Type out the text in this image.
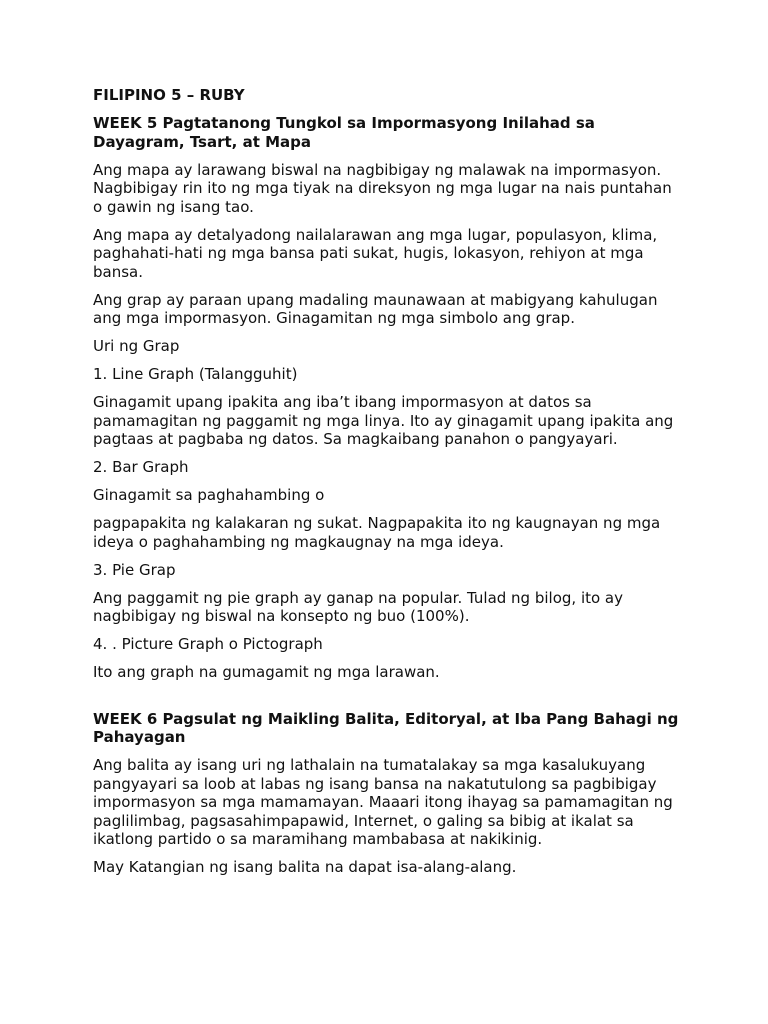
FILIPINO 5 – RUBY

WEEK 5 Pagtatanong Tungkol sa Impormasyong Inilahad sa Dayagram, Tsart, at Mapa

Ang mapa ay larawang biswal na nagbibigay ng malawak na impormasyon. Nagbibigay rin ito ng mga tiyak na direksyon ng mga lugar na nais puntahan o gawin ng isang tao.

Ang mapa ay detalyadong nailalarawan ang mga lugar, populasyon, klima, paghahati-hati ng mga bansa pati sukat, hugis, lokasyon, rehiyon at mga bansa.

Ang grap ay paraan upang madaling maunawaan at mabigyang kahulugan ang mga impormasyon. Ginagamitan ng mga simbolo ang grap.

Uri ng Grap

1. Line Graph (Talangguhit)

Ginagamit upang ipakita ang iba’t ibang impormasyon at datos sa pamamagitan ng paggamit ng mga linya. Ito ay ginagamit upang ipakita ang pagtaas at pagbaba ng datos. Sa magkaibang panahon o pangyayari.

2. Bar Graph

Ginagamit sa paghahambing o

pagpapakita ng kalakaran ng sukat. Nagpapakita ito ng kaugnayan ng mga ideya o paghahambing ng magkaugnay na mga ideya.

3. Pie Grap

Ang paggamit ng pie graph ay ganap na popular. Tulad ng bilog, ito ay nagbibigay ng biswal na konsepto ng buo (100%).

4. . Picture Graph o Pictograph

Ito ang graph na gumagamit ng mga larawan.

WEEK 6 Pagsulat ng Maikling Balita, Editoryal, at Iba Pang Bahagi ng Pahayagan

Ang balita ay isang uri ng lathalain na tumatalakay sa mga kasalukuyang pangyayari sa loob at labas ng isang bansa na nakatutulong sa pagbibigay impormasyon sa mga mamamayan. Maaari itong ihayag sa pamamagitan ng paglilimbag, pagsasahimpapawid, Internet, o galing sa bibig at ikalat sa ikatlong partido o sa maramihang mambabasa at nakikinig.

May Katangian ng isang balita na dapat isa-alang-alang.
